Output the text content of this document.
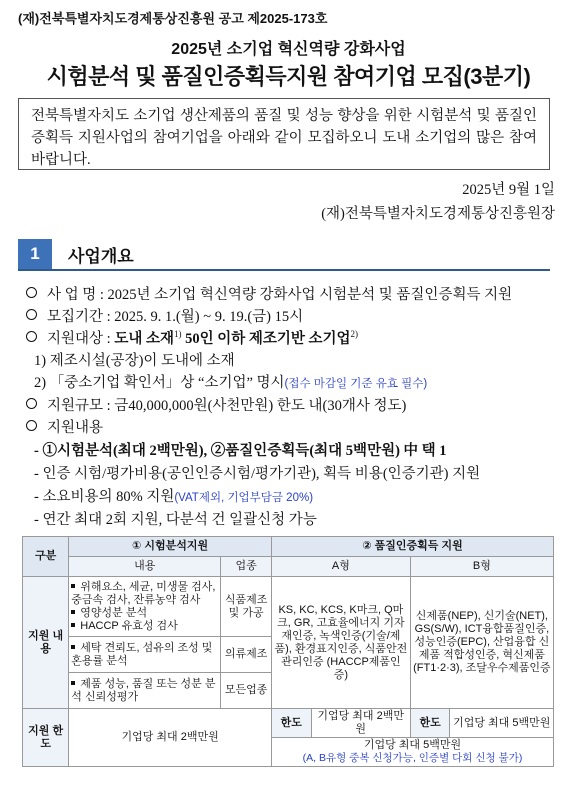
(재)전북특별자치도경제통상진흥원 공고 제2025-173호
2025년 소기업 혁신역량 강화사업
시험분석 및 품질인증획득지원 참여기업 모집(3분기)
전북특별자치도 소기업 생산제품의 품질 및 성능 향상을 위한 시험분석 및 품질인증획득 지원사업의 참여기업을 아래와 같이 모집하오니 도내 소기업의 많은 참여 바랍니다.
2025년 9월 1일
(재)전북특별자치도경제통상진흥원장
1	사업개요
사 업 명 : 2025년 소기업 혁신역량 강화사업 시험분석 및 품질인증획득 지원
모집기간 : 2025. 9. 1.(월) ~ 9. 19.(금) 15시
지원대상 : 도내 소재$^{1)}$ 50인 이하 제조기반 소기업$^{2)}$
1) 제조시설(공장)이 도내에 소재
2) 「중소기업 확인서」상 “소기업” 명시(접수 마감일 기준 유효 필수)
지원규모 : 금40,000,000원(사천만원) 한도 내(30개사 정도)
지원내용
- ①시험분석(최대 2백만원), ②품질인증획득(최대 5백만원) 中 택 1
- 인증 시험/평가비용(공인인증시험/평가기관), 획득 비용(인증기관) 지원
- 소요비용의 80% 지원(VAT제외, 기업부담금 20%)
- 연간 최대 2회 지원, 다분석 건 일괄신청 가능
구분	① 시험분석지원		② 품질인증획득 지원			
	내용	업종	A형		B형	
지원 내용	위해요소, 세균, 미생물 검사, 중금속 검사, 잔류농약 검사
영양성분 분석
HACCP 유효성 검사	식품제조 및 가공	KS, KC, KCS, K마크, Q마크, GR, 고효율에너지 기자재인증, 녹색인증(기술/제품), 환경표지인증, 식품안전관리인증 (HACCP제품인증)		신제품(NEP), 신기술(NET), GS(S/W), ICT융합품질인증, 성능인증(EPC), 산업융합 신제품 적합성인증, 혁신제품(FT1·2·3), 조달우수제품인증	
	세탁 견뢰도, 섬유의 조성 및 혼용률 분석	의류제조				
	제품 성능, 품질 또는 성분 분석 신뢰성평가	모든업종				
지원 한도	기업당 최대 2백만원		한도	기업당 최대 2백만원	한도	기업당 최대 5백만원

			기업당 최대 5백만원
(A, B유형 중복 신청가능, 인증별 다회 신청 불가)			
